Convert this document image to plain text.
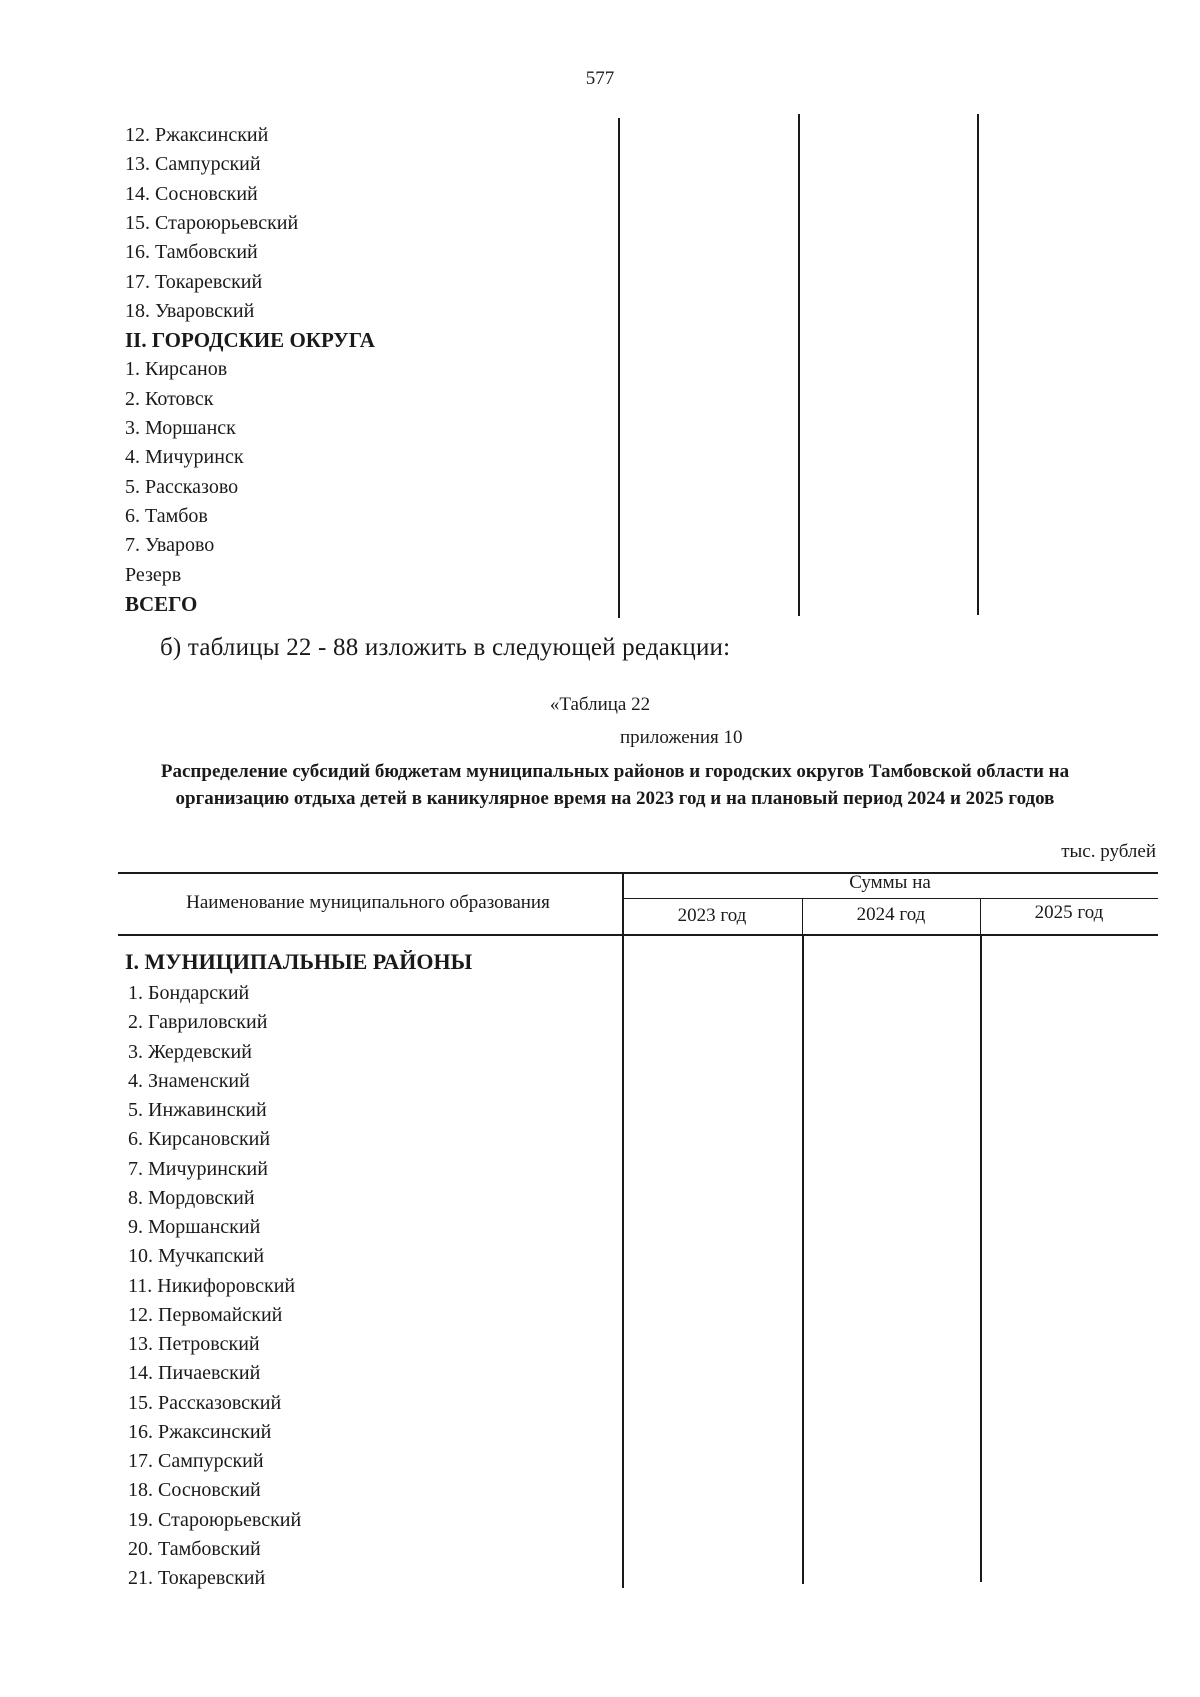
577
12. Ржаксинский
13. Сампурский
14. Сосновский
15. Староюрьевский
16. Тамбовский
17. Токаревский
18. Уваровский
II. ГОРОДСКИЕ ОКРУГА
1. Кирсанов
2. Котовск
3. Моршанск
4. Мичуринск
5. Рассказово
6. Тамбов
7. Уварово
Резерв
ВСЕГО
б) таблицы 22 - 88 изложить в следующей редакции:
«Таблица 22
приложения 10
Распределение субсидий бюджетам муниципальных районов и городских округов Тамбовской области на организацию отдыха детей в каникулярное время на 2023 год и на плановый период 2024 и 2025 годов
тыс. рублей
Наименование муниципального образования
Суммы на
2023 год	2024 год	2025 год
I. МУНИЦИПАЛЬНЫЕ РАЙОНЫ
1. Бондарский
2. Гавриловский
3. Жердевский
4. Знаменский
5. Инжавинский
6. Кирсановский
7. Мичуринский
8. Мордовский
9. Моршанский
10. Мучкапский
11. Никифоровский
12. Первомайский
13. Петровский
14. Пичаевский
15. Рассказовский
16. Ржаксинский
17. Сампурский
18. Сосновский
19. Староюрьевский
20. Тамбовский
21. Токаревский
